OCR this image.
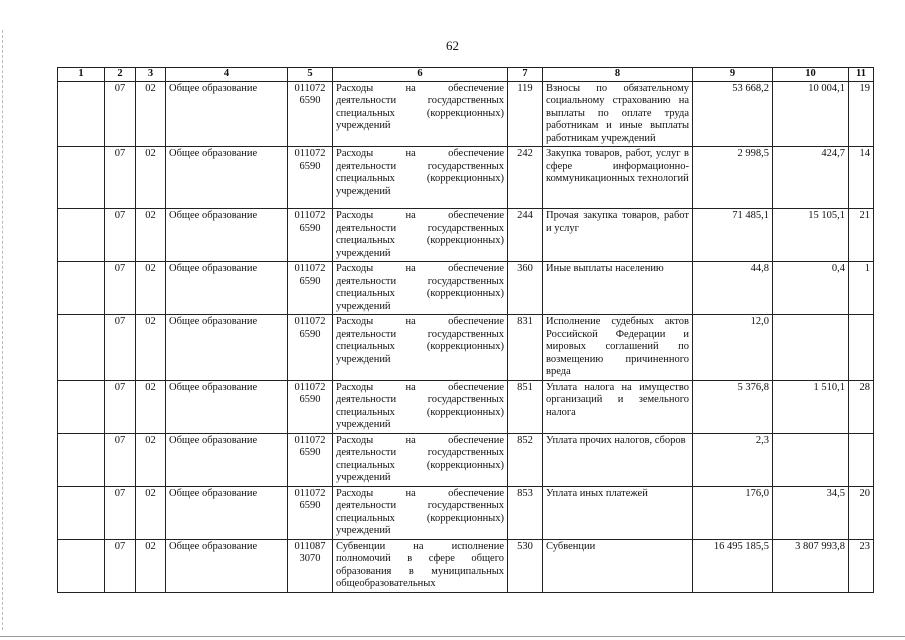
62
1	2	3	4	5	6	7	8	9	10	11
	07	02	Общее образование	011072 6590	Расходы на обеспечение деятельности государственных специальных (коррекционных) учреждений	119	Взносы по обязательному социальному страхованию на выплаты по оплате труда работникам и иные выплаты работникам учреждений	53 668,2	10 004,1	19
	07	02	Общее образование	011072 6590	Расходы на обеспечение деятельности государственных специальных (коррекционных) учреждений	242	Закупка товаров, работ, услуг в сфере информационно-коммуникационных технологий	2 998,5	424,7	14
	07	02	Общее образование	011072 6590	Расходы на обеспечение деятельности государственных специальных (коррекционных) учреждений	244	Прочая закупка товаров, работ и услуг	71 485,1	15 105,1	21
	07	02	Общее образование	011072 6590	Расходы на обеспечение деятельности государственных специальных (коррекционных) учреждений	360	Иные выплаты населению	44,8	0,4	1
	07	02	Общее образование	011072 6590	Расходы на обеспечение деятельности государственных специальных (коррекционных) учреждений	831	Исполнение судебных актов Российской Федерации и мировых соглашений по возмещению причиненного вреда	12,0		
	07	02	Общее образование	011072 6590	Расходы на обеспечение деятельности государственных специальных (коррекционных) учреждений	851	Уплата налога на имущество организаций и земельного налога	5 376,8	1 510,1	28
	07	02	Общее образование	011072 6590	Расходы на обеспечение деятельности государственных специальных (коррекционных) учреждений	852	Уплата прочих налогов, сборов	2,3		
	07	02	Общее образование	011072 6590	Расходы на обеспечение деятельности государственных специальных (коррекционных) учреждений	853	Уплата иных платежей	176,0	34,5	20
	07	02	Общее образование	011087 3070	Субвенции на исполнение полномочий в сфере общего образования в муниципальных общеобразовательных	530	Субвенции	16 495 185,5	3 807 993,8	23
